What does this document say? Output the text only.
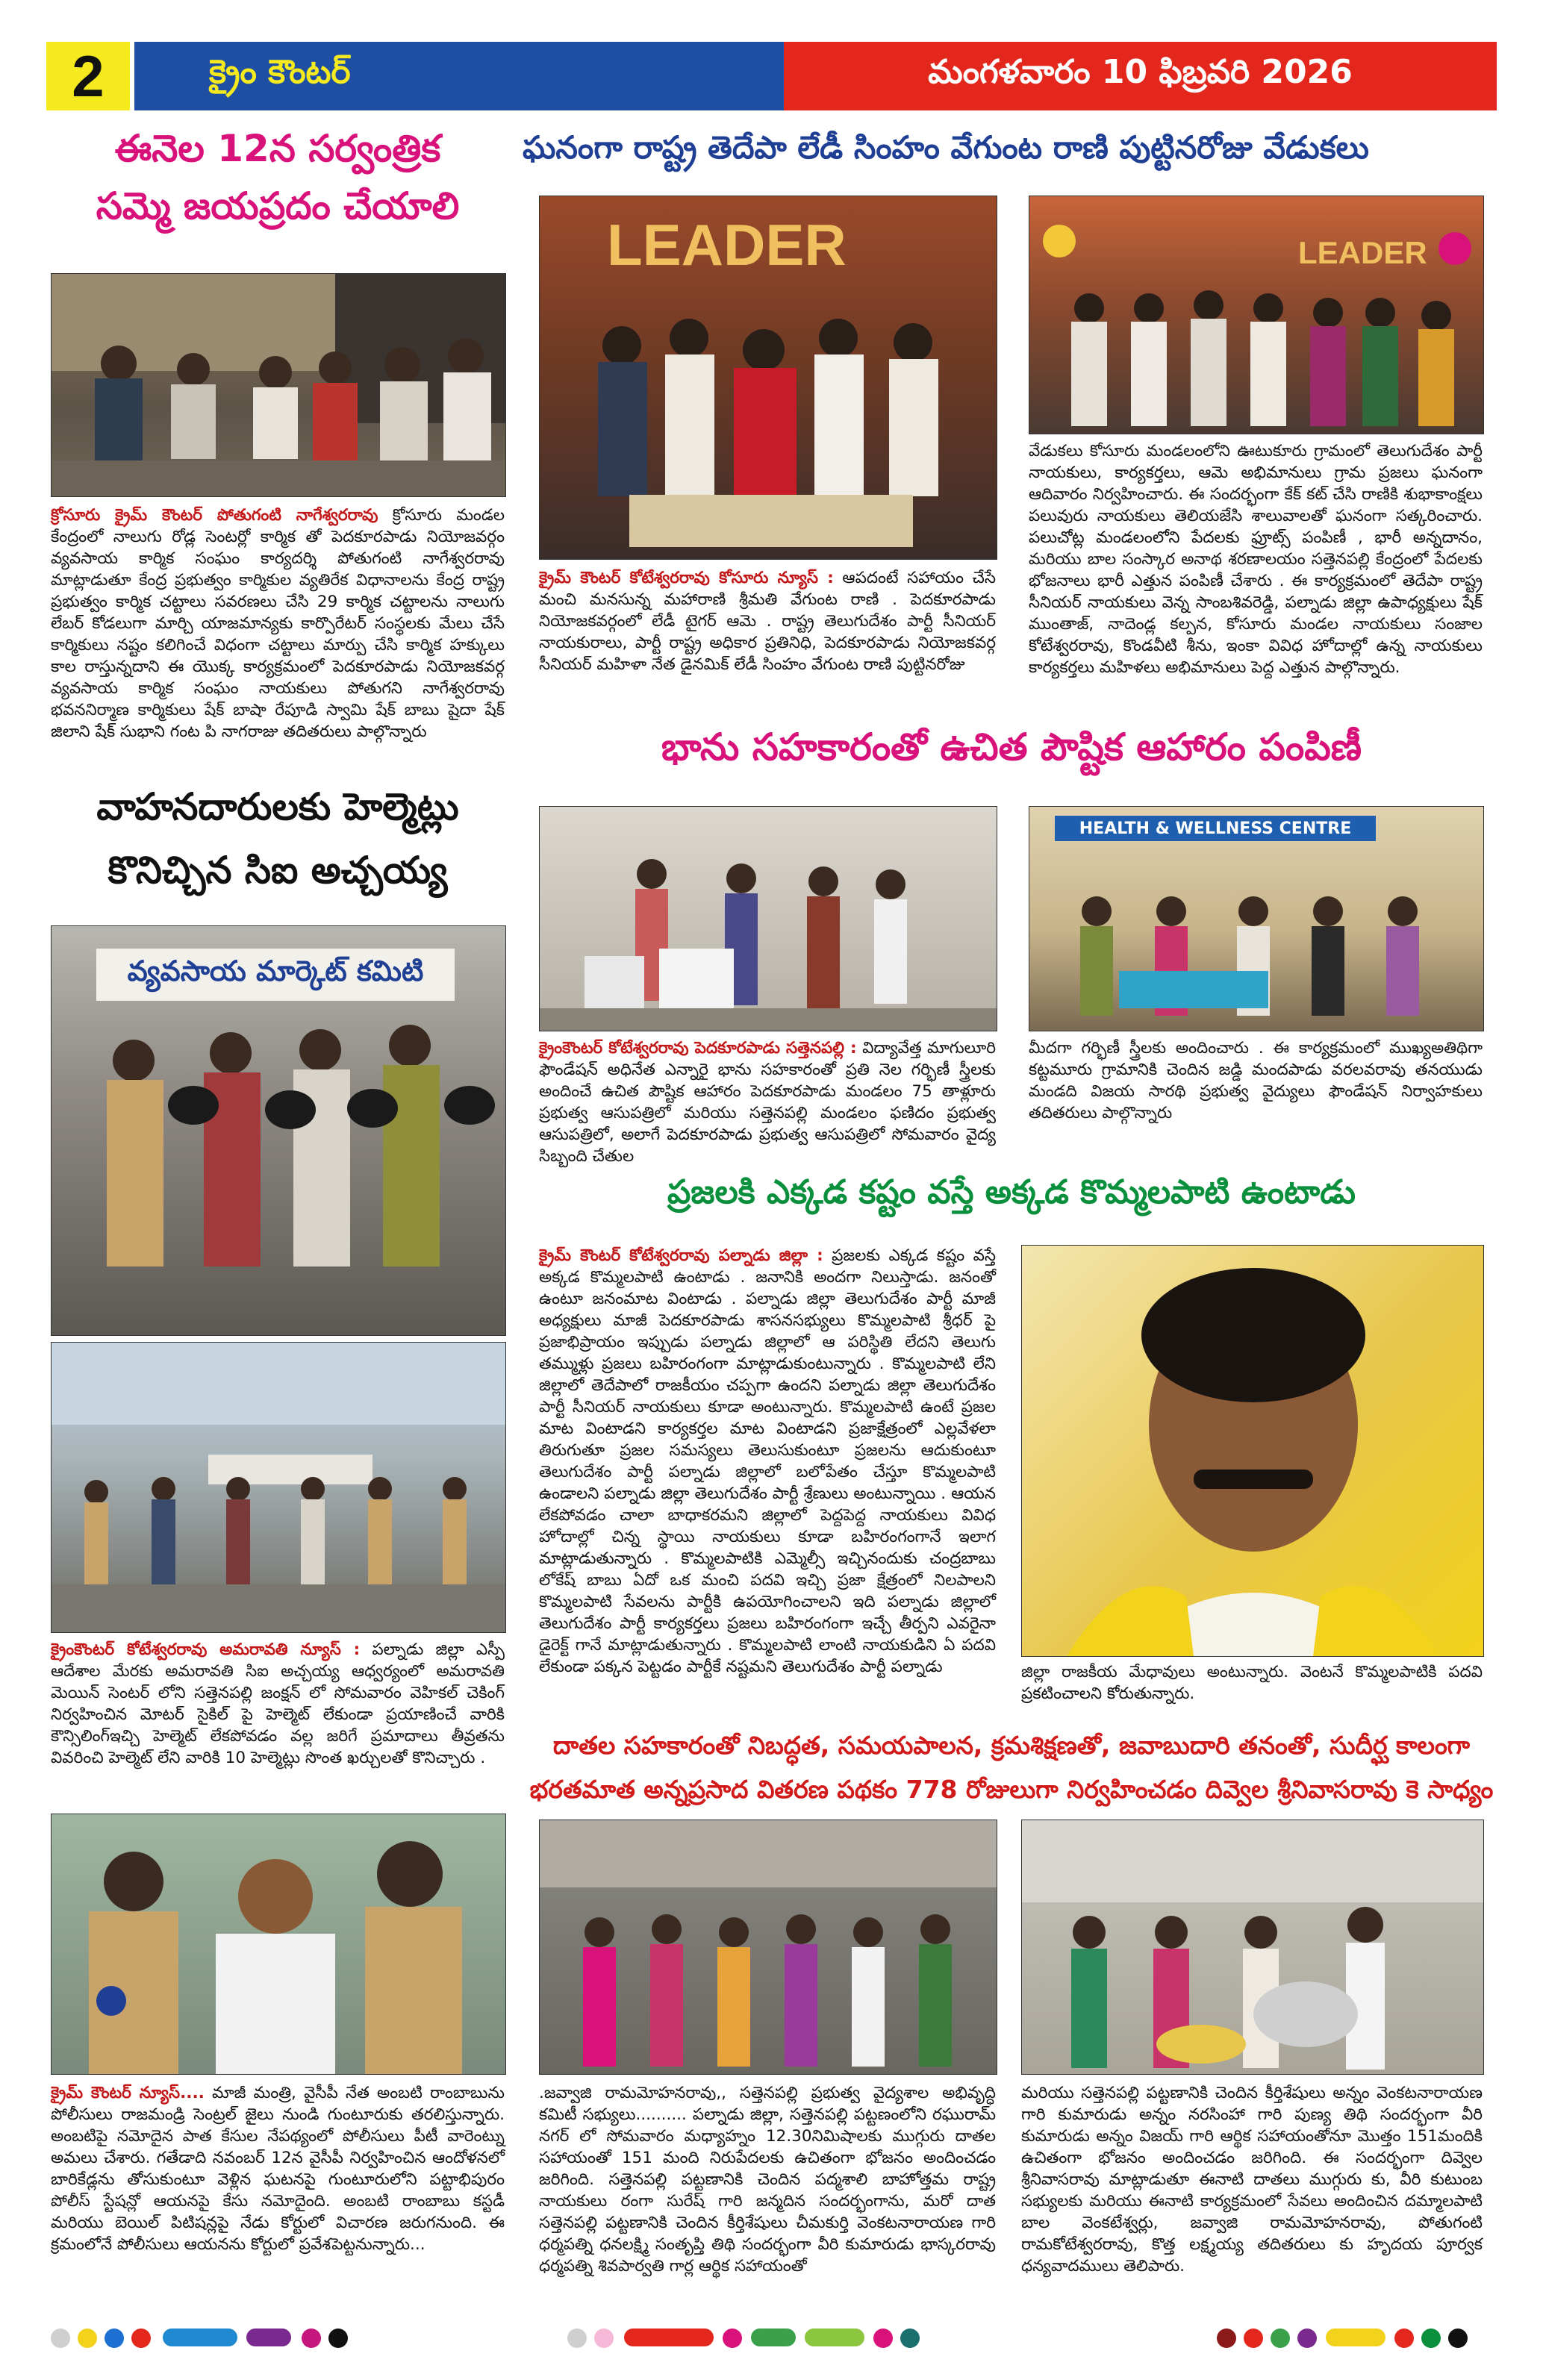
2	క్రైం కౌంటర్	మంగళవారం 10 ఫిబ్రవరి 2026
ఈనెల 12న సర్వంత్రిక
సమ్మె జయప్రదం చేయాలి
క్రోసూరు క్రైమ్ కౌంటర్ పోతుగంటి నాగేశ్వరరావు క్రోసూరు మండల కేంద్రంలో నాలుగు రోడ్ల సెంటర్లో కార్మిక తో పెదకూరపాడు నియోజవర్గం వ్యవసాయ కార్మిక సంఘం కార్యదర్శి పోతుగంటి నాగేశ్వరరావు మాట్లాడుతూ కేంద్ర ప్రభుత్వం కార్మికుల వ్యతిరేక విధానాలను కేంద్ర రాష్ట్ర ప్రభుత్వం కార్మిక చట్టాలు సవరణలు చేసి 29 కార్మిక చట్టాలను నాలుగు లేబర్ కోడలుగా మార్చి యాజమాన్యకు కార్పొరేటర్ సంస్థలకు మేలు చేసే కార్మికులు నష్టం కలిగించే విధంగా చట్టాలు మార్పు చేసి కార్మిక హక్కులు కాల రాస్తున్నదాని ఈ యొక్క కార్యక్రమంలో పెదకూరపాడు నియోజకవర్గ వ్యవసాయ కార్మిక సంఘం నాయకులు పోతుగని నాగేశ్వరరావు భవననిర్మాణ కార్మికులు షేక్ బాషా రేపూడి స్వామి షేక్ బాబు షైదా షేక్ జిలాని షేక్ సుభాని గంట పి నాగరాజు తదితరులు పాల్గొన్నారు
ఘనంగా రాష్ట్ర తెదేపా లేడీ సింహం వేగుంట రాణి పుట్టినరోజు వేడుకలు
LEADER	LEADER
క్రైమ్ కౌంటర్ కోటేశ్వరరావు కోసూరు న్యూస్ : ఆపదంటే సహాయం చేసే మంచి మనసున్న మహారాణి శ్రీమతి వేగుంట రాణి . పెదకూరపాడు నియోజకవర్గంలో లేడీ టైగర్ ఆమె . రాష్ట్ర తెలుగుదేశం పార్టీ సీనియర్ నాయకురాలు, పార్టీ రాష్ట్ర అధికార ప్రతినిధి, పెదకూరపాడు నియోజకవర్గ సీనియర్ మహిళా నేత డైనమిక్ లేడీ సింహం వేగుంట రాణి పుట్టినరోజు
వేడుకలు కోసూరు మండలంలోని ఊటుకూరు గ్రామంలో తెలుగుదేశం పార్టీ నాయకులు, కార్యకర్తలు, ఆమె అభిమానులు గ్రామ ప్రజలు ఘనంగా ఆదివారం నిర్వహించారు. ఈ సందర్భంగా కేక్ కట్ చేసి రాణికి శుభాకాంక్షలు పలువురు నాయకులు తెలియజేసి శాలువాలతో ఘనంగా సత్కరించారు. పలుచోట్ల మండలంలోని పేదలకు ఫ్రూట్స్ పంపిణీ , భారీ అన్నదానం, మరియు బాల సంస్కార అనాథ శరణాలయం సత్తెనపల్లి కేంద్రంలో పేదలకు భోజనాలు భారీ ఎత్తున పంపిణీ చేశారు . ఈ కార్యక్రమంలో తెదేపా రాష్ట్ర సీనియర్ నాయకులు వెన్న సాంబశివరెడ్డి, పల్నాడు జిల్లా ఉపాధ్యక్షులు షేక్ ముంతాజ్, నాదెండ్ల కల్పన, కోసూరు మండల నాయకులు సంజాల కోటేశ్వరరావు, కొండవీటి శీను, ఇంకా వివిధ హోదాల్లో ఉన్న నాయకులు కార్యకర్తలు మహిళలు అభిమానులు పెద్ద ఎత్తున పాల్గొన్నారు.
వాహనదారులకు హెల్మెట్లు
కొనిచ్చిన సిఐ అచ్చయ్య
వ్యవసాయ మార్కెట్ కమిటి
క్రైంకౌంటర్ కోటేశ్వరరావు అమరావతి న్యూస్ : పల్నాడు జిల్లా ఎస్పీ ఆదేశాల మేరకు అమరావతి సిఐ అచ్చయ్య ఆధ్వర్యంలో అమరావతి మెయిన్ సెంటర్ లోని సత్తెనపల్లి జంక్షన్ లో సోమవారం వెహికల్ చెకింగ్ నిర్వహించిన మోటర్ సైకిల్ పై హెల్మెట్ లేకుండా ప్రయాణించే వారికి కౌన్సిలింగ్ఇచ్చి హెల్మెట్ లేకపోవడం వల్ల జరిగే ప్రమాదాలు తీవ్రతను వివరించి హెల్మెట్ లేని వారికి 10 హెల్మెట్లు సొంత ఖర్చులతో కొనిచ్చారు .
భాను సహకారంతో ఉచిత పౌష్టిక ఆహారం పంపిణీ
HEALTH & WELLNESS CENTRE
క్రైంకౌంటర్ కోటేశ్వరరావు పెదకూరపాడు సత్తెనపల్లి : విద్యావేత్త మాగులూరి ఫౌండేషన్ అధినేత ఎన్నారై భాను సహకారంతో ప్రతి నెల గర్భిణీ స్త్రీలకు అందించే ఉచిత పౌష్టిక ఆహారం పెదకూరపాడు మండలం 75 తాళ్లూరు ప్రభుత్వ ఆసుపత్రిలో మరియు సత్తెనపల్లి మండలం ఫణిదం ప్రభుత్వ ఆసుపత్రిలో, అలాగే పెదకూరపాడు ప్రభుత్వ ఆసుపత్రిలో సోమవారం వైద్య సిబ్బంది చేతుల
మీదగా గర్భిణీ స్త్రీలకు అందించారు . ఈ కార్యక్రమంలో ముఖ్యఅతిథిగా కట్టమూరు గ్రామానికి చెందిన జడ్డి మందపాడు వరలవరావు తనయుడు మండది విజయ సారథి ప్రభుత్వ వైద్యులు ఫౌండేషన్ నిర్వాహకులు తదితరులు పాల్గొన్నారు
ప్రజలకి ఎక్కడ కష్టం వస్తే అక్కడ కొమ్మలపాటి ఉంటాడు
క్రైమ్ కౌంటర్ కోటేశ్వరరావు పల్నాడు జిల్లా : ప్రజలకు ఎక్కడ కష్టం వస్తే అక్కడ కొమ్మలపాటి ఉంటాడు . జనానికి అందగా నిలుస్తాడు. జనంతో ఉంటూ జనంమాట వింటాడు . పల్నాడు జిల్లా తెలుగుదేశం పార్టీ మాజీ అధ్యక్షులు మాజీ పెదకూరపాడు శాసనసభ్యులు కొమ్మలపాటి శ్రీధర్ పై ప్రజాభిప్రాయం ఇప్పుడు పల్నాడు జిల్లాలో ఆ పరిస్థితి లేదని తెలుగు తమ్ముళ్లు ప్రజలు బహిరంగంగా మాట్లాడుకుంటున్నారు . కొమ్మలపాటి లేని జిల్లాలో తెదేపాలో రాజకీయం చప్పగా ఉందని పల్నాడు జిల్లా తెలుగుదేశం పార్టీ సీనియర్ నాయకులు కూడా అంటున్నారు. కొమ్మలపాటి ఉంటే ప్రజల మాట వింటాడని కార్యకర్తల మాట వింటాడని ప్రజాక్షేత్రంలో ఎల్లవేళలా తిరుగుతూ ప్రజల సమస్యలు తెలుసుకుంటూ ప్రజలను ఆదుకుంటూ తెలుగుదేశం పార్టీ పల్నాడు జిల్లాలో బలోపేతం చేస్తూ కొమ్మలపాటి ఉండాలని పల్నాడు జిల్లా తెలుగుదేశం పార్టీ శ్రేణులు అంటున్నాయి . ఆయన లేకపోవడం చాలా బాధాకరమని జిల్లాలో పెద్దపెద్ద నాయకులు వివిధ హోదాల్లో చిన్న స్థాయి నాయకులు కూడా బహిరంగంగానే ఇలాగ మాట్లాడుతున్నారు . కొమ్మలపాటికి ఎమ్మెల్సీ ఇచ్చినందుకు చంద్రబాబు లోకేష్ బాబు ఏదో ఒక మంచి పదవి ఇచ్చి ప్రజా క్షేత్రంలో నిలపాలని కొమ్మలపాటి సేవలను పార్టీకి ఉపయోగించాలని ఇది పల్నాడు జిల్లాలో తెలుగుదేశం పార్టీ కార్యకర్తలు ప్రజలు బహిరంగంగా ఇచ్చే తీర్పని ఎవరైనా డైరెక్ట్ గానే మాట్లాడుతున్నారు . కొమ్మలపాటి లాంటి నాయకుడిని ఏ పదవి లేకుండా పక్కన పెట్టడం పార్టీకే నష్టమని తెలుగుదేశం పార్టీ పల్నాడు	జిల్లా రాజకీయ మేధావులు అంటున్నారు. వెంటనే కొమ్మలపాటికి పదవి ప్రకటించాలని కోరుతున్నారు.
దాతల సహకారంతో నిబద్ధత, సమయపాలన, క్రమశిక్షణతో, జవాబుదారి తనంతో, సుదీర్ఘ కాలంగా
భరతమాత అన్నప్రసాద వితరణ పథకం 778 రోజులుగా నిర్వహించడం దివ్వెల శ్రీనివాసరావు కె సాధ్యం
.జవ్వాజి రామమోహనరావు,, సత్తెనపల్లి ప్రభుత్వ వైద్యశాల అభివృద్ధి కమిటీ సభ్యులు.......... పల్నాడు జిల్లా, సత్తెనపల్లి పట్టణంలోని రఘురామ్ నగర్ లో సోమవారం మధ్యాహ్నం 12.30నిమిషాలకు ముగ్గురు దాతల సహాయంతో 151 మంది నిరుపేదలకు ఉచితంగా భోజనం అందించడం జరిగింది. సత్తెనపల్లి పట్టణానికి చెందిన పద్మశాలి బాహోత్తమ రాష్ట్ర నాయకులు రంగా సురేష్ గారి జన్మదిన సందర్భంగాను, మరో దాత సత్తెనపల్లి పట్టణానికి చెందిన కీర్తిశేషులు చీమకుర్తి వెంకటనారాయణ గారి ధర్మపత్ని ధనలక్ష్మి సంతృప్తి తిథి సందర్భంగా వీరి కుమారుడు భాస్కరరావు ధర్మపత్ని శివపార్వతి గార్ల ఆర్థిక సహాయంతో
మరియు సత్తెనపల్లి పట్టణానికి చెందిన కీర్తిశేషులు అన్నం వెంకటనారాయణ గారి కుమారుడు అన్నం నరసింహా గారి పుణ్య తిథి సందర్భంగా వీరి కుమారుడు అన్నం విజయ్ గారి ఆర్థిక సహాయంతోనూ మొత్తం 151మందికి ఉచితంగా భోజనం అందించడం జరిగింది. ఈ సందర్భంగా దివ్వెల శ్రీనివాసరావు మాట్లాడుతూ ఈనాటి దాతలు ముగ్గురు కు, వీరి కుటుంబ సభ్యులకు మరియు ఈనాటి కార్యక్రమంలో సేవలు అందించిన దమ్మాలపాటి బాల వెంకటేశ్వర్లు, జవ్వాజి రామమోహనరావు, పోతుగంటి రామకోటేశ్వరరావు, కొత్త లక్ష్మయ్య తదితరులు కు హృదయ పూర్వక ధన్యవాదములు తెలిపారు.
క్రైమ్ కౌంటర్ న్యూస్.... మాజీ మంత్రి, వైసీపీ నేత అంబటి రాంబాబును పోలీసులు రాజమండ్రి సెంట్రల్ జైలు నుండి గుంటూరుకు తరలిస్తున్నారు. అంబటిపై నమోదైన పాత కేసుల నేపథ్యంలో పోలీసులు పీటీ వారెంట్ను అమలు చేశారు. గతేడాది నవంబర్ 12న వైసీపీ నిర్వహించిన ఆందోళనలో బారికేడ్లను తోసుకుంటూ వెళ్లిన ఘటనపై గుంటూరులోని పట్టాభిపురం పోలీస్ స్టేషన్లో ఆయనపై కేసు నమోదైంది. అంబటి రాంబాబు కస్టడీ మరియు బెయిల్ పిటిషన్లపై నేడు కోర్టులో విచారణ జరుగనుంది. ఈ క్రమంలోనే పోలీసులు ఆయనను కోర్టులో ప్రవేశపెట్టనున్నారు...
